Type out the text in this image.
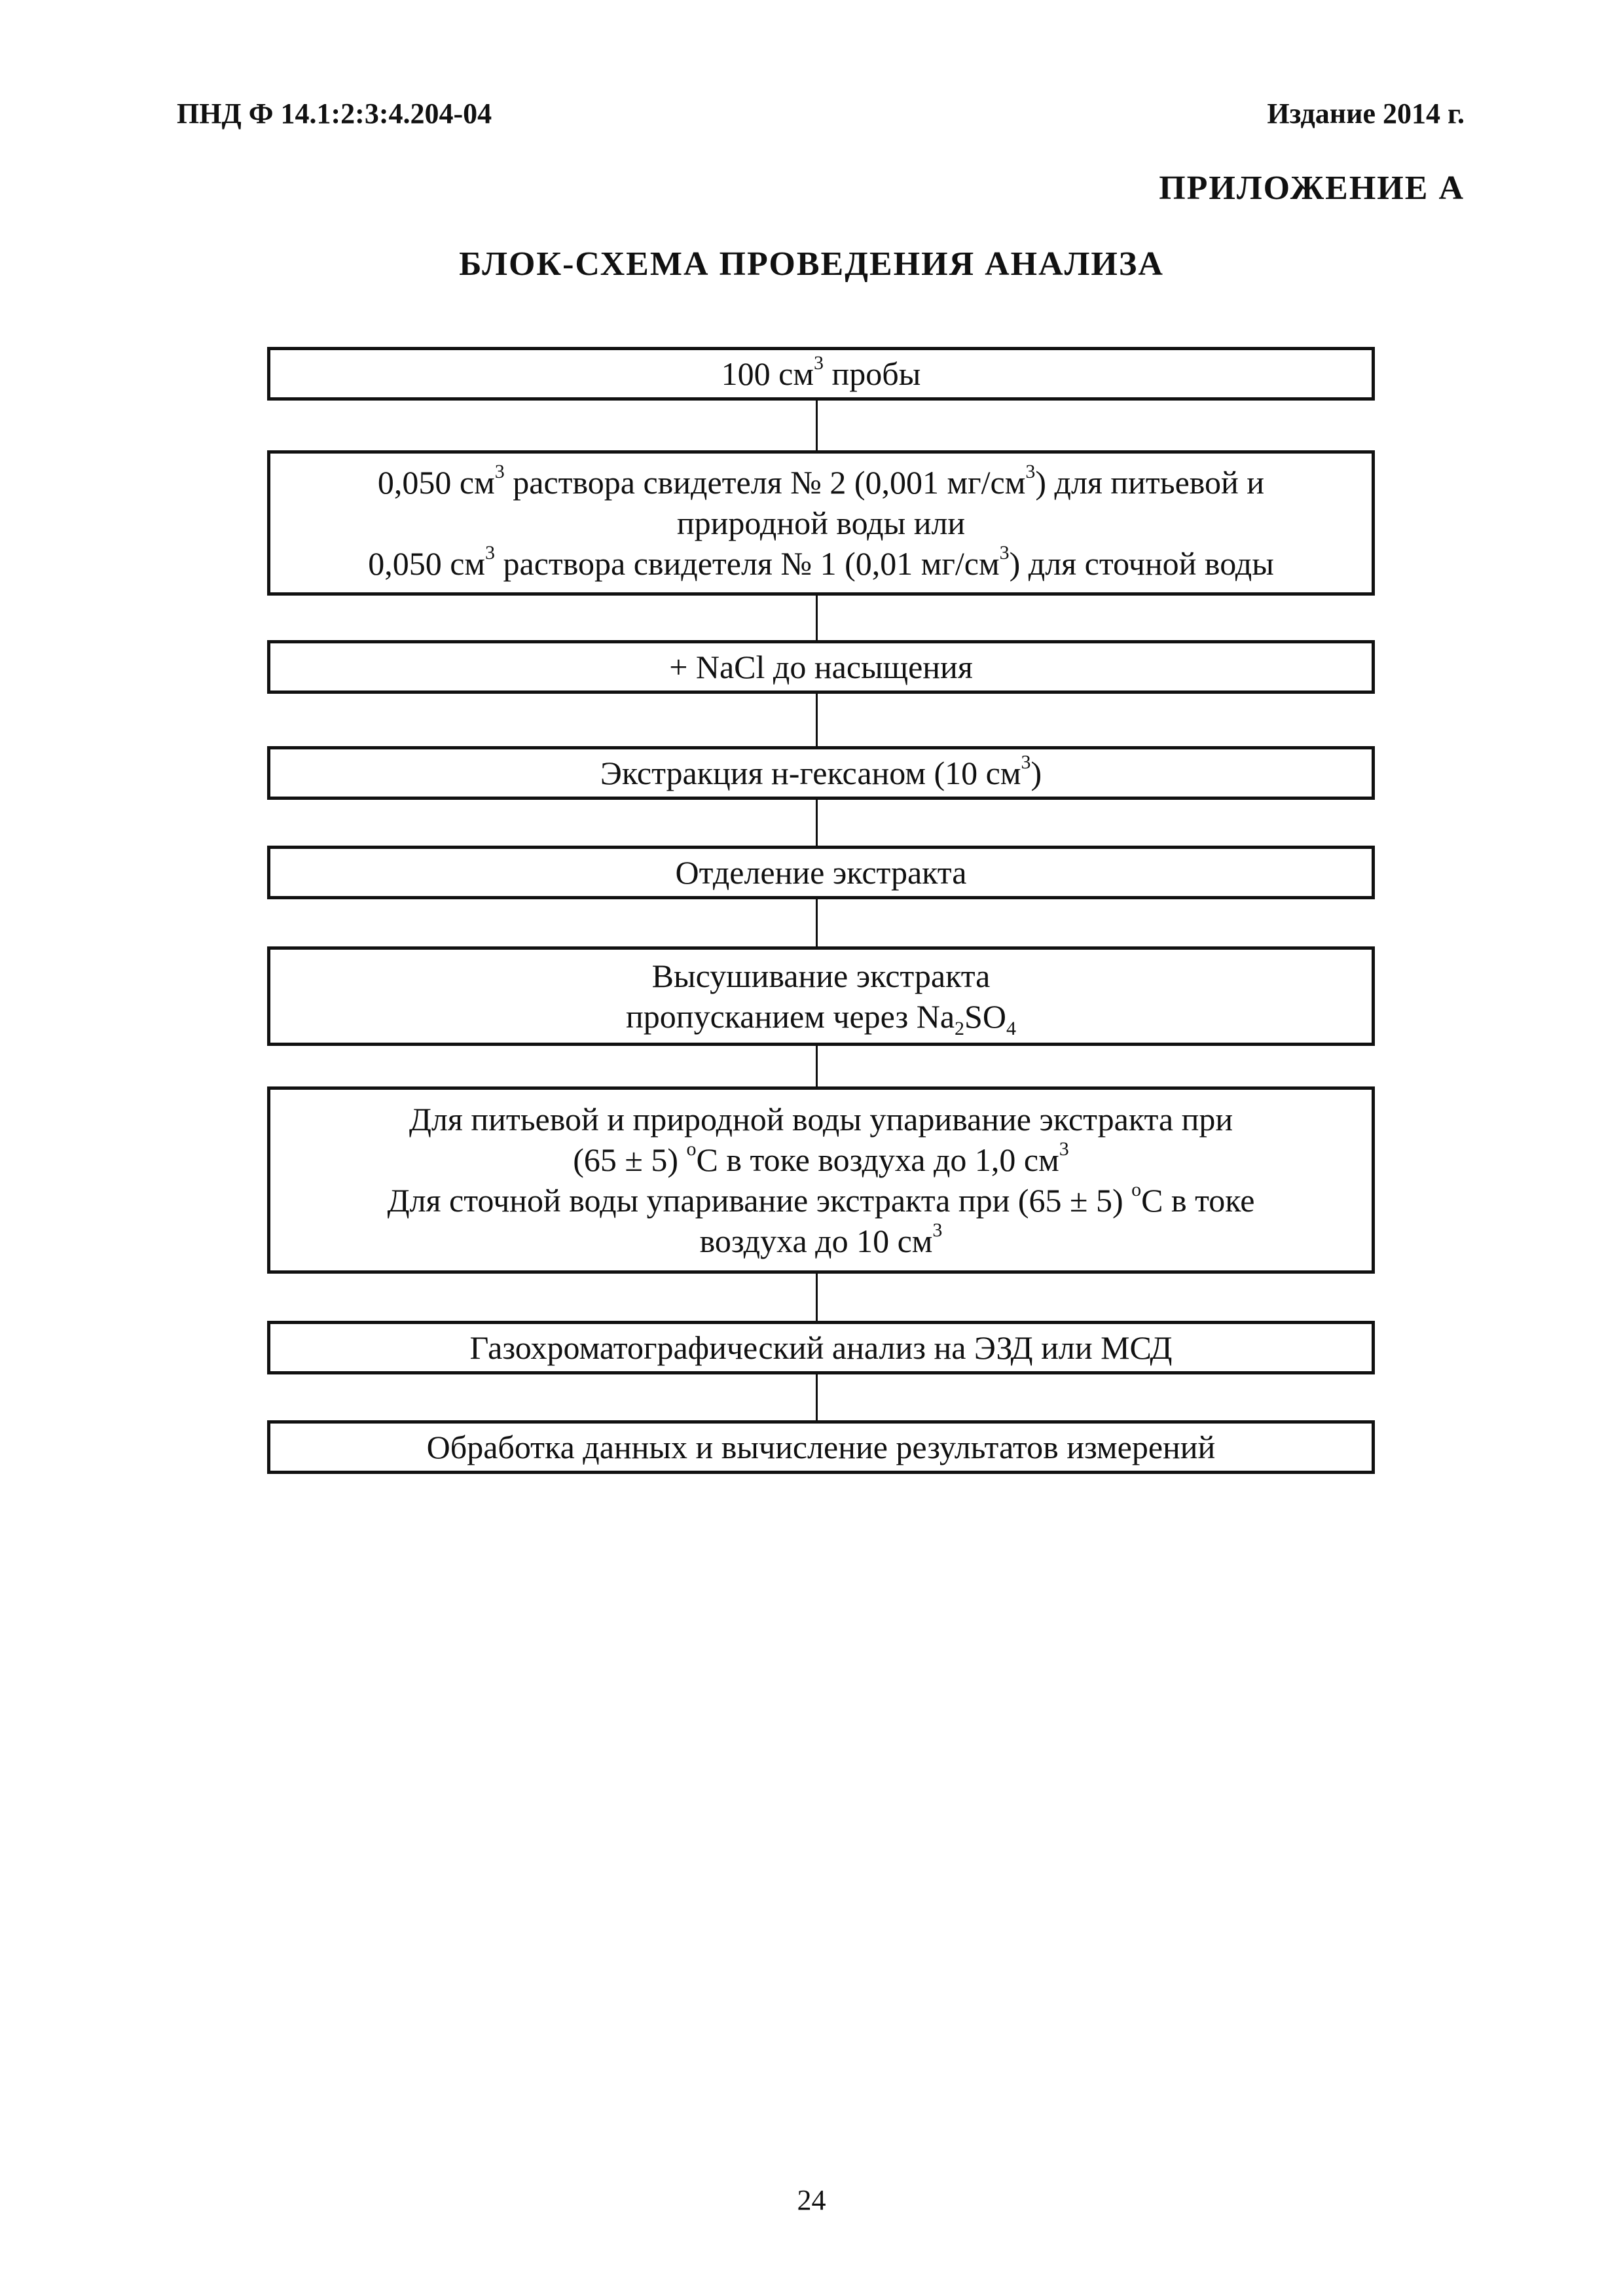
ПНД Ф 14.1:2:3:4.204-04	Издание 2014 г.
ПРИЛОЖЕНИЕ А
БЛОК-СХЕМА ПРОВЕДЕНИЯ АНАЛИЗА
100 $см^3$ пробы
0,050 $см^3$ раствора свидетеля № 2 (0,001 $мг/см^3$) для питьевой и
природной воды или
0,050 $см^3$ раствора свидетеля № 1 (0,01 $мг/см^3$) для сточной воды
+ NaCl до насыщения
Экстракция н-гексаном (10 $см^3$)
Отделение экстракта
Высушивание экстракта
пропусканием через $Na_2SO_4$
Для питьевой и природной воды упаривание экстракта при
(65 ± 5) $^o$С в токе воздуха до 1,0 $см^3$
Для сточной воды упаривание экстракта при (65 ± 5) $^o$С в токе
воздуха до 10 $см^3$
Газохроматографический анализ на ЭЗД или МСД
Обработка данных и вычисление результатов измерений
24
